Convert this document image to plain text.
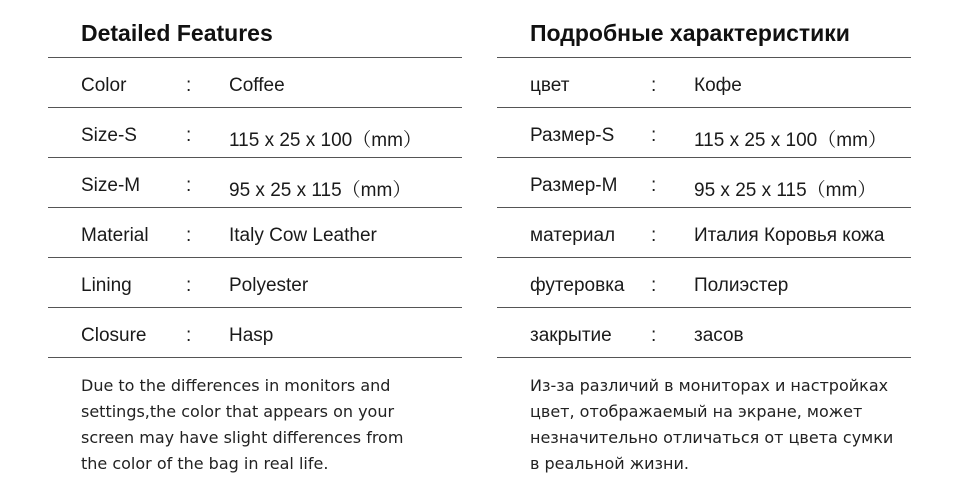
Detailed Features
Color	: Coffee
Size-S	: 115 x 25 x 100（mm）
Size-M : 95 x 25 x 115（mm）
Material : Italy Cow Leather
Lining	: Polyester
Closure : Hasp
Due to the differences in monitors and
settings,the color that appears on your
screen may have slight differences from
the color of the bag in real life.
Подробные характеристики
цвет	: Кофе
Размер-S : 115 x 25 x 100（mm）
Размер-M : 95 x 25 x 115（mm）
материал : Италия Коровья кожа
футеровка : Полиэстер
закрытие : засов
Из-за различий в мониторах и настройках
цвет, отображаемый на экране, может
незначительно отличаться от цвета сумки
в реальной жизни.
